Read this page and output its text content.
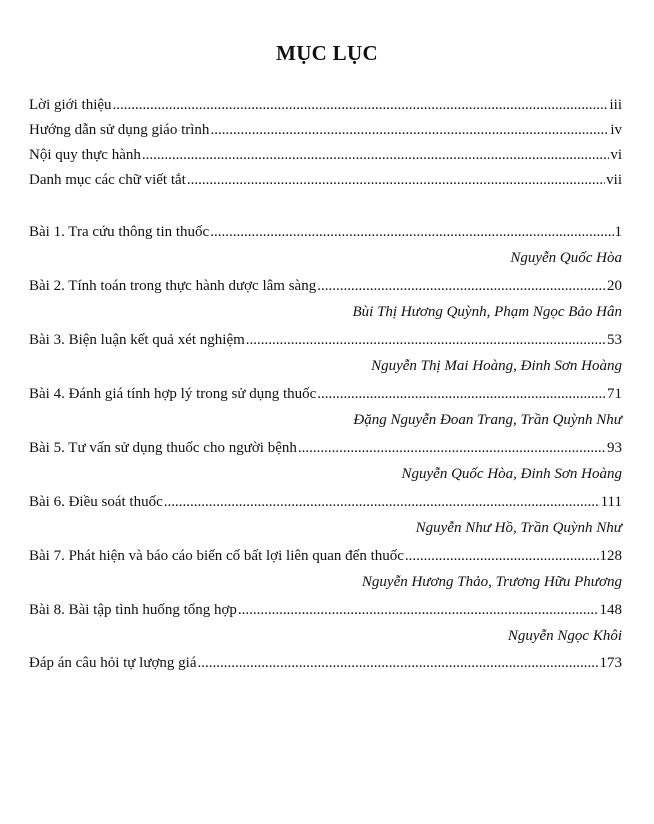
MỤC LỤC
Lời giới thiệu .....	iii
Hướng dẫn sử dụng giáo trình .....	iv
Nội quy thực hành .....	vi
Danh mục các chữ viết tắt .....	vii
Bài 1. Tra cứu thông tin thuốc .....	1
Nguyễn Quốc Hòa
Bài 2. Tính toán trong thực hành dược lâm sàng .....	20
Bùi Thị Hương Quỳnh, Phạm Ngọc Bảo Hân
Bài 3. Biện luận kết quả xét nghiệm .....	53
Nguyễn Thị Mai Hoàng, Đinh Sơn Hoàng
Bài 4. Đánh giá tính hợp lý trong sử dụng thuốc .....	71
Đặng Nguyễn Đoan Trang, Trần Quỳnh Như
Bài 5. Tư vấn sử dụng thuốc cho người bệnh .....	93
Nguyễn Quốc Hòa, Đinh Sơn Hoàng
Bài 6. Điều soát thuốc .....	111
Nguyễn Như Hồ, Trần Quỳnh Như
Bài 7. Phát hiện và báo cáo biến cố bất lợi liên quan đến thuốc .....	128
Nguyễn Hương Thảo, Trương Hữu Phương
Bài 8. Bài tập tình huống tổng hợp .....	148
Nguyễn Ngọc Khôi
Đáp án câu hỏi tự lượng giá .....	173
